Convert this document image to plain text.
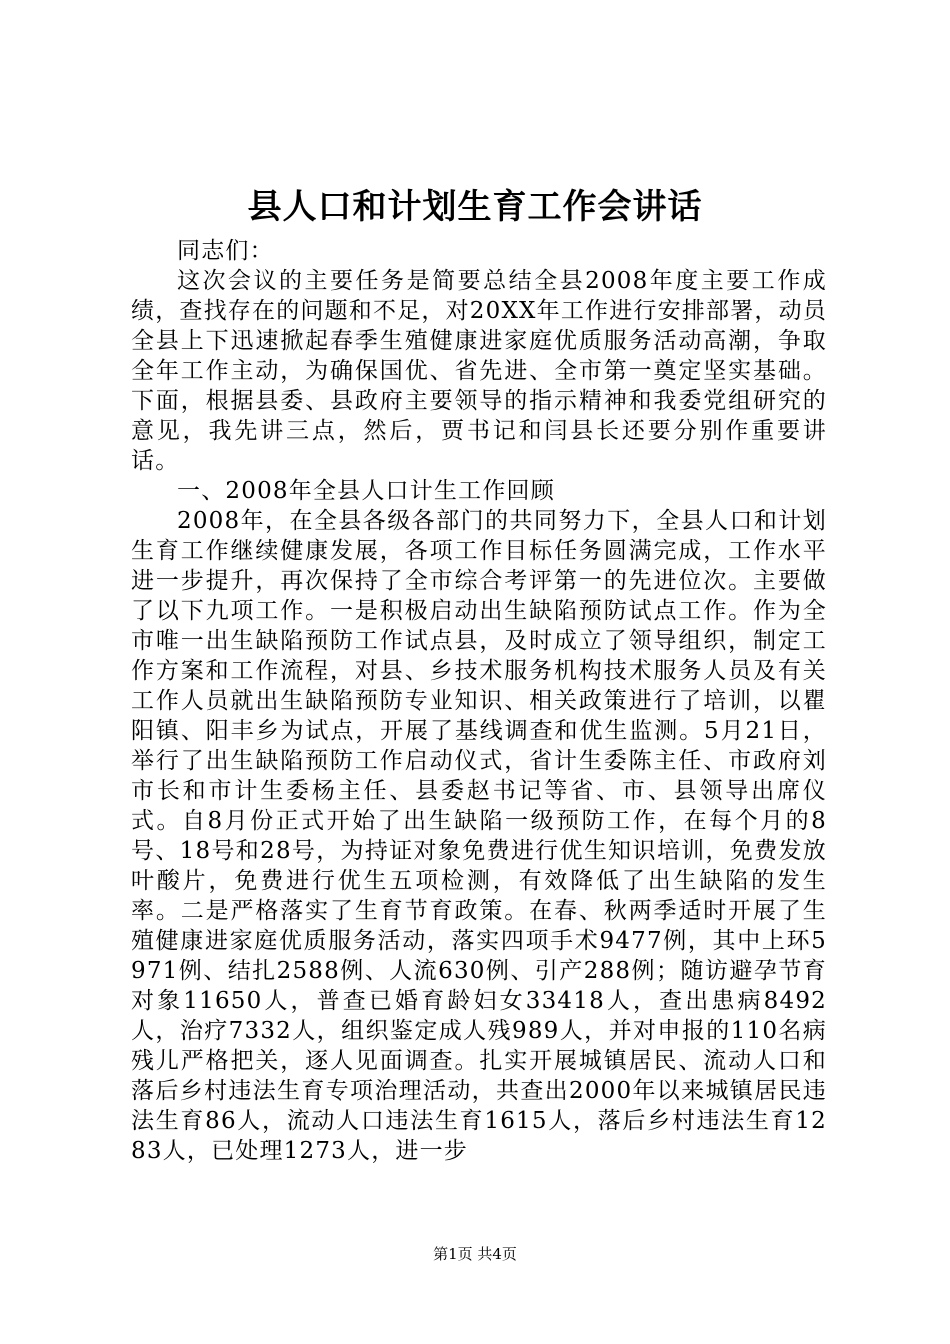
县人口和计划生育工作会讲话

同志们：

这次会议的主要任务是简要总结全县2008年度主要工作成绩，查找存在的问题和不足，对20XX年工作进行安排部署，动员全县上下迅速掀起春季生殖健康进家庭优质服务活动高潮，争取全年工作主动，为确保国优、省先进、全市第一奠定坚实基础。下面，根据县委、县政府主要领导的指示精神和我委党组研究的意见，我先讲三点，然后，贾书记和闫县长还要分别作重要讲话。

一、2008年全县人口计生工作回顾

2008年，在全县各级各部门的共同努力下，全县人口和计划生育工作继续健康发展，各项工作目标任务圆满完成，工作水平进一步提升，再次保持了全市综合考评第一的先进位次。主要做了以下九项工作。一是积极启动出生缺陷预防试点工作。作为全市唯一出生缺陷预防工作试点县，及时成立了领导组织，制定工作方案和工作流程，对县、乡技术服务机构技术服务人员及有关工作人员就出生缺陷预防专业知识、相关政策进行了培训，以瞿阳镇、阳丰乡为试点，开展了基线调查和优生监测。5月21日，举行了出生缺陷预防工作启动仪式，省计生委陈主任、市政府刘市长和市计生委杨主任、县委赵书记等省、市、县领导出席仪式。自8月份正式开始了出生缺陷一级预防工作，在每个月的8号、18号和28号，为持证对象免费进行优生知识培训，免费发放叶酸片，免费进行优生五项检测，有效降低了出生缺陷的发生率。二是严格落实了生育节育政策。在春、秋两季适时开展了生殖健康进家庭优质服务活动，落实四项手术9477例，其中上环5971例、结扎2588例、人流630例、引产288例；随访避孕节育对象11650人，普查已婚育龄妇女33418人，查出患病8492人，治疗7332人，组织鉴定成人残989人，并对申报的110名病残儿严格把关，逐人见面调查。扎实开展城镇居民、流动人口和落后乡村违法生育专项治理活动，共查出2000年以来城镇居民违法生育86人，流动人口违法生育1615人，落后乡村违法生育1283人，已处理1273人，进一步

第1页 共4页
